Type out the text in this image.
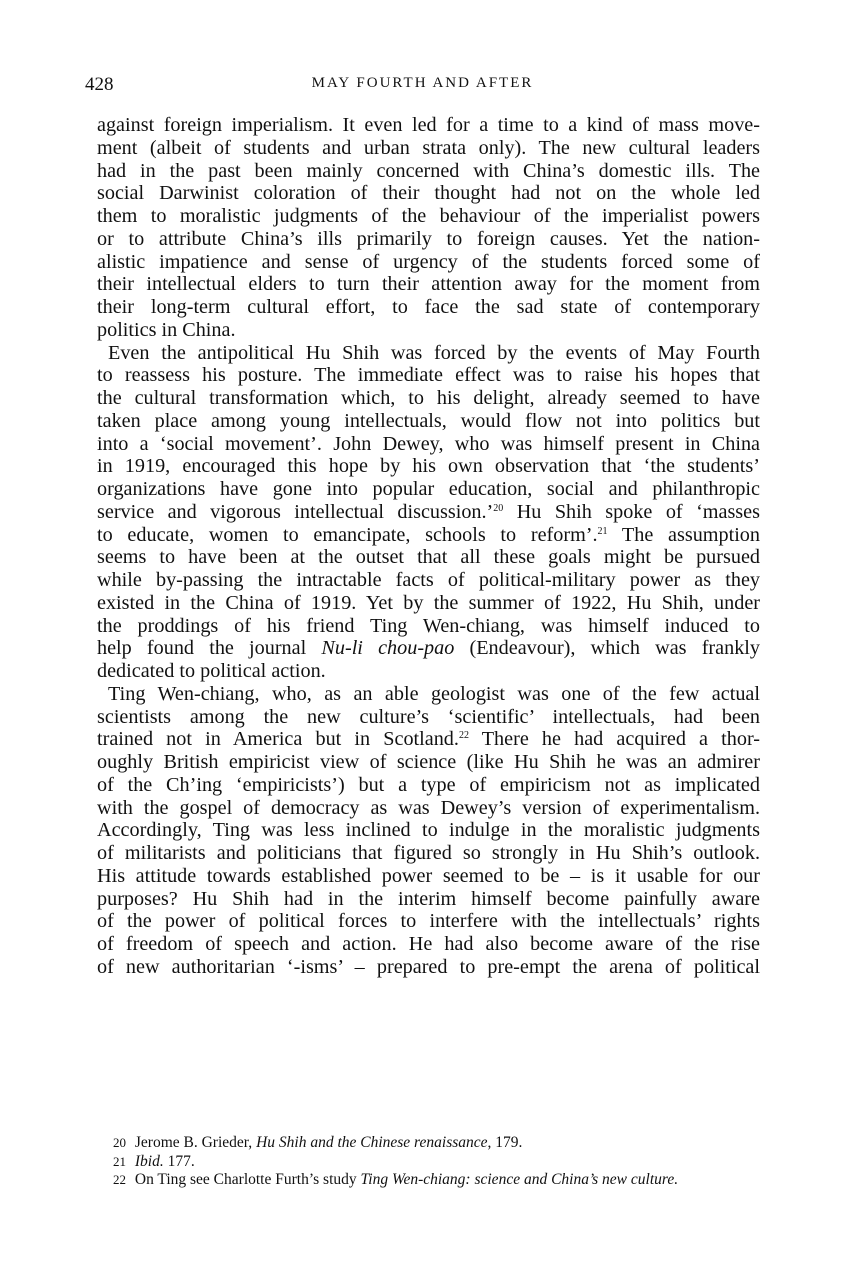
428	MAY FOURTH AND AFTER
against foreign imperialism. It even led for a time to a kind of mass move-
ment (albeit of students and urban strata only). The new cultural leaders
had in the past been mainly concerned with China’s domestic ills. The
social Darwinist coloration of their thought had not on the whole led
them to moralistic judgments of the behaviour of the imperialist powers
or to attribute China’s ills primarily to foreign causes. Yet the nation-
alistic impatience and sense of urgency of the students forced some of
their intellectual elders to turn their attention away for the moment from
their long-term cultural effort, to face the sad state of contemporary
politics in China.
Even the antipolitical Hu Shih was forced by the events of May Fourth
to reassess his posture. The immediate effect was to raise his hopes that
the cultural transformation which, to his delight, already seemed to have
taken place among young intellectuals, would flow not into politics but
into a ‘social movement’. John Dewey, who was himself present in China
in 1919, encouraged this hope by his own observation that ‘the students’
organizations have gone into popular education, social and philanthropic
service and vigorous intellectual discussion.’$^{20}$ Hu Shih spoke of ‘masses
to educate, women to emancipate, schools to reform’.$^{21}$ The assumption
seems to have been at the outset that all these goals might be pursued
while by-passing the intractable facts of political-military power as they
existed in the China of 1919. Yet by the summer of 1922, Hu Shih, under
the proddings of his friend Ting Wen-chiang, was himself induced to
help found the journal Nu-li chou-pao (Endeavour), which was frankly
dedicated to political action.
Ting Wen-chiang, who, as an able geologist was one of the few actual
scientists among the new culture’s ‘scientific’ intellectuals, had been
trained not in America but in Scotland.$^{22}$ There he had acquired a thor-
oughly British empiricist view of science (like Hu Shih he was an admirer
of the Ch’ing ‘empiricists’) but a type of empiricism not as implicated
with the gospel of democracy as was Dewey’s version of experimentalism.
Accordingly, Ting was less inclined to indulge in the moralistic judgments
of militarists and politicians that figured so strongly in Hu Shih’s outlook.
His attitude towards established power seemed to be – is it usable for our
purposes? Hu Shih had in the interim himself become painfully aware
of the power of political forces to interfere with the intellectuals’ rights
of freedom of speech and action. He had also become aware of the rise
of new authoritarian ‘-isms’ – prepared to pre-empt the arena of political
20 Jerome B. Grieder, Hu Shih and the Chinese renaissance, 179.
21 Ibid. 177.
22 On Ting see Charlotte Furth’s study Ting Wen-chiang: science and China’s new culture.
